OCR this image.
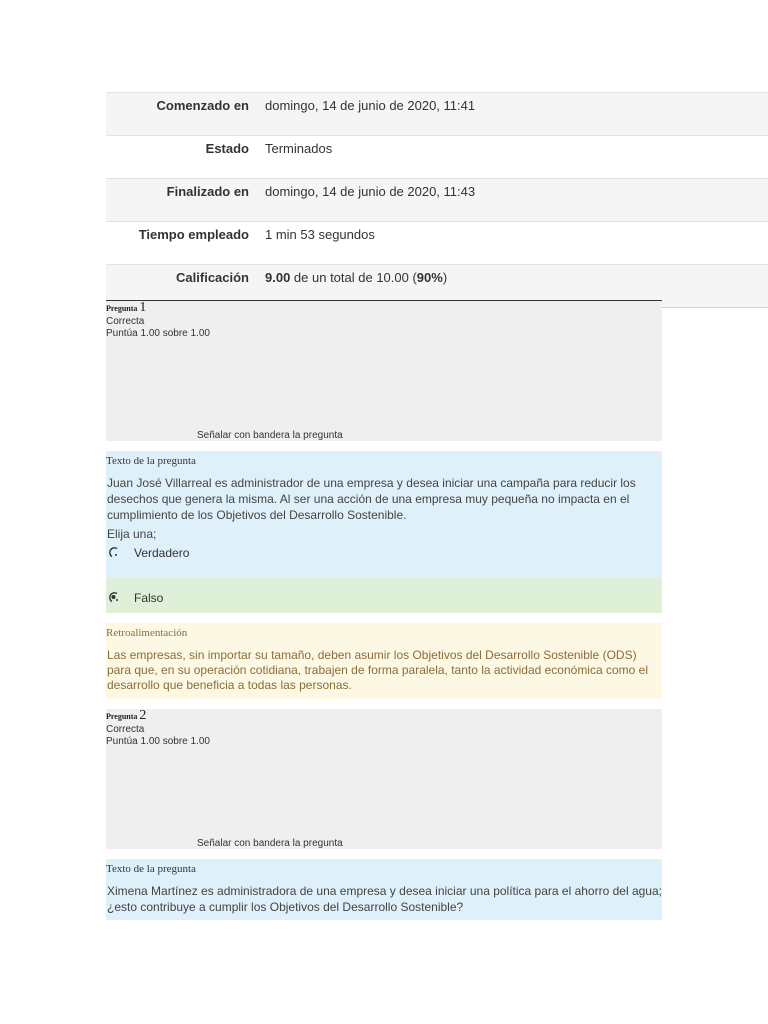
Comenzado en domingo, 14 de junio de 2020, 11:41
Estado Terminados
Finalizado en domingo, 14 de junio de 2020, 11:43
Tiempo empleado 1 min 53 segundos
Calificación 9.00 de un total de 10.00 (90%)
Pregunta 1
Correcta
Puntúa 1.00 sobre 1.00
Señalar con bandera la pregunta
Texto de la pregunta
Juan José Villarreal es administrador de una empresa y desea iniciar una campaña para reducir los desechos que genera la misma. Al ser una acción de una empresa muy pequeña no impacta en el cumplimiento de los Objetivos del Desarrollo Sostenible.
Elija una;
Verdadero
Falso
Retroalimentación
Las empresas, sin importar su tamaño, deben asumir los Objetivos del Desarrollo Sostenible (ODS) para que, en su operación cotidiana, trabajen de forma paralela, tanto la actividad económica como el desarrollo que beneficia a todas las personas.
Pregunta 2
Correcta
Puntúa 1.00 sobre 1.00
Señalar con bandera la pregunta
Texto de la pregunta
Ximena Martínez es administradora de una empresa y desea iniciar una política para el ahorro del agua; ¿esto contribuye a cumplir los Objetivos del Desarrollo Sostenible?
